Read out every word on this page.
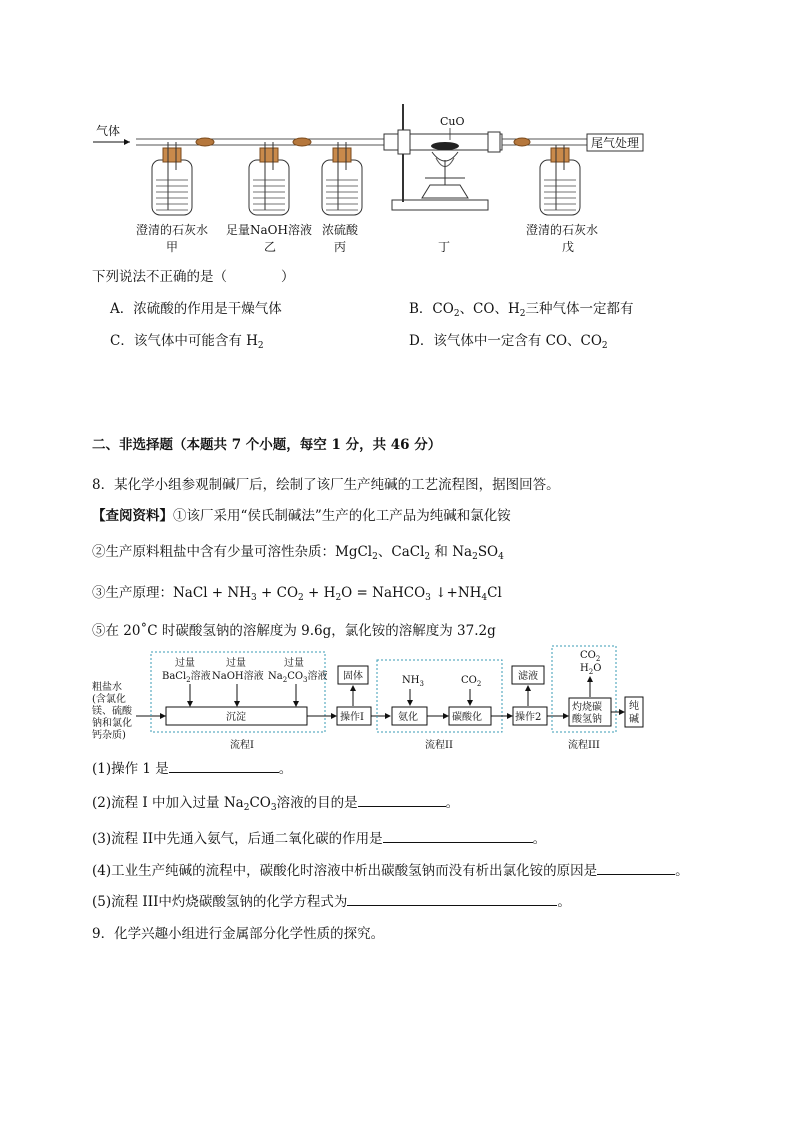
气体
CuO
尾气处理
澄清的石灰水
甲
足量NaOH溶液
乙
浓硫酸
丙	丁
澄清的石灰水
戊
下列说法不正确的是（　　　　）
A．浓硫酸的作用是干燥气体	B．$CO_2$、CO、$H_2$三种气体一定都有
C．该气体中可能含有 $H_2$	D．该气体中一定含有 CO、$CO_2$
二、非选择题（本题共 7 个小题，每空 1 分，共 46 分）
8．某化学小组参观制碱厂后，绘制了该厂生产纯碱的工艺流程图，据图回答。
【查阅资料】①该厂采用“侯氏制碱法”生产的化工产品为纯碱和氯化铵
②生产原料粗盐中含有少量可溶性杂质：MgCl$_2$、CaCl$_2$ 和 $Na_2SO_4$
③生产原理：NaCl + $NH_3 + CO_2 + H_2O$ = NaHCO$_3$ $↓+NH_4Cl$
⑤在 20˚C 时碳酸氢钠的溶解度为 9.6g，氯化铵的溶解度为 37.2g
粗盐水
(含氯化
镁、硫酸
钠和氯化
钙杂质)
过量
BaCl$_2$溶液
过量
NaOH溶液
过量
$Na_2CO_3$溶液
沉淀
流程I
固体
操作I
$NH_3$	$CO_2$
氨化	碳酸化
流程II
滤液
操作2
$CO_2$
$H_2O$
灼烧碳
酸氢钠
流程III
纯
碱
(1)操作 1 是	。
(2)流程 I 中加入过量 $Na_2CO_3$溶液的目的是	。
(3)流程 II中先通入氨气，后通二氧化碳的作用是	。
(4)工业生产纯碱的流程中，碳酸化时溶液中析出碳酸氢钠而没有析出氯化铵的原因是	。
(5)流程 III中灼烧碳酸氢钠的化学方程式为	。
9．化学兴趣小组进行金属部分化学性质的探究。
